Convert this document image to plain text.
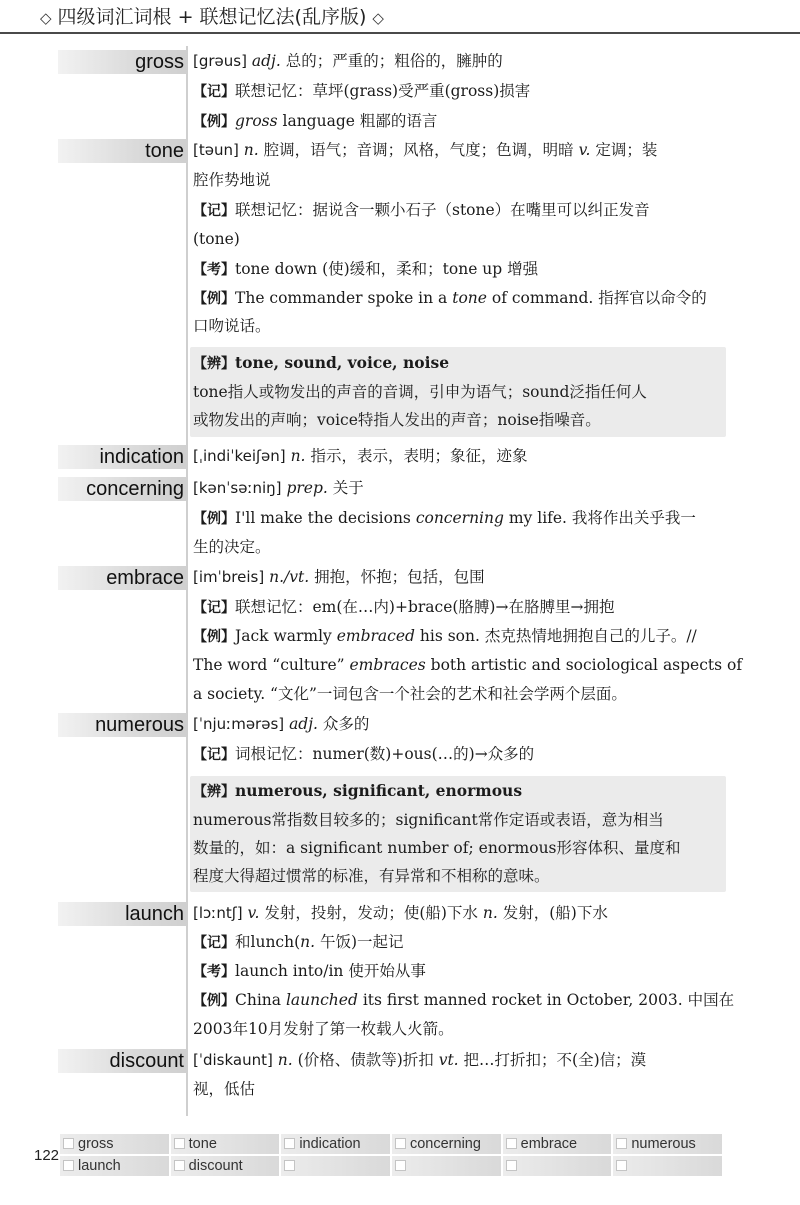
◇ 四级词汇词根 + 联想记忆法(乱序版) ◇
gross [grəus] adj. 总的；严重的；粗俗的，臃肿的
【记】联想记忆：草坪(grass)受严重(gross)损害
【例】gross language 粗鄙的语言
tone [təun] n. 腔调，语气；音调；风格，气度；色调，明暗 v. 定调；装
腔作势地说
【记】联想记忆：据说含一颗小石子（stone）在嘴里可以纠正发音
(tone)
【考】tone down (使)缓和，柔和；tone up 增强
【例】The commander spoke in a tone of command. 指挥官以命令的
口吻说话。
【辨】tone, sound, voice, noise
tone指人或物发出的声音的音调，引申为语气；sound泛指任何人
或物发出的声响；voice特指人发出的声音；noise指噪音。
indication [ˌindiˈkeiʃən] n. 指示，表示，表明；象征，迹象
concerning [kənˈsəːniŋ] prep. 关于
【例】I'll make the decisions concerning my life. 我将作出关乎我一
生的决定。
embrace [imˈbreis] n./vt. 拥抱，怀抱；包括，包围
【记】联想记忆：em(在…内)+brace(胳膊)→在胳膊里→拥抱
【例】Jack warmly embraced his son. 杰克热情地拥抱自己的儿子。//
The word “culture” embraces both artistic and sociological aspects of
a society. “文化”一词包含一个社会的艺术和社会学两个层面。
numerous [ˈnjuːmərəs] adj. 众多的
【记】词根记忆：numer(数)+ous(…的)→众多的
【辨】numerous, significant, enormous
numerous常指数目较多的；significant常作定语或表语，意为相当
数量的，如：a significant number of; enormous形容体积、量度和
程度大得超过惯常的标准，有异常和不相称的意味。
launch [lɔːntʃ] v. 发射，投射，发动；使(船)下水 n. 发射，(船)下水
【记】和lunch(n. 午饭)一起记
【考】launch into/in 使开始从事
【例】China launched its first manned rocket in October, 2003. 中国在
2003年10月发射了第一枚载人火箭。
discount [ˈdiskaunt] n. (价格、债款等)折扣 vt. 把…打折扣；不(全)信；漠
视，低估
122
gross	tone	indication	concerning	embrace	numerous
launch	discount
